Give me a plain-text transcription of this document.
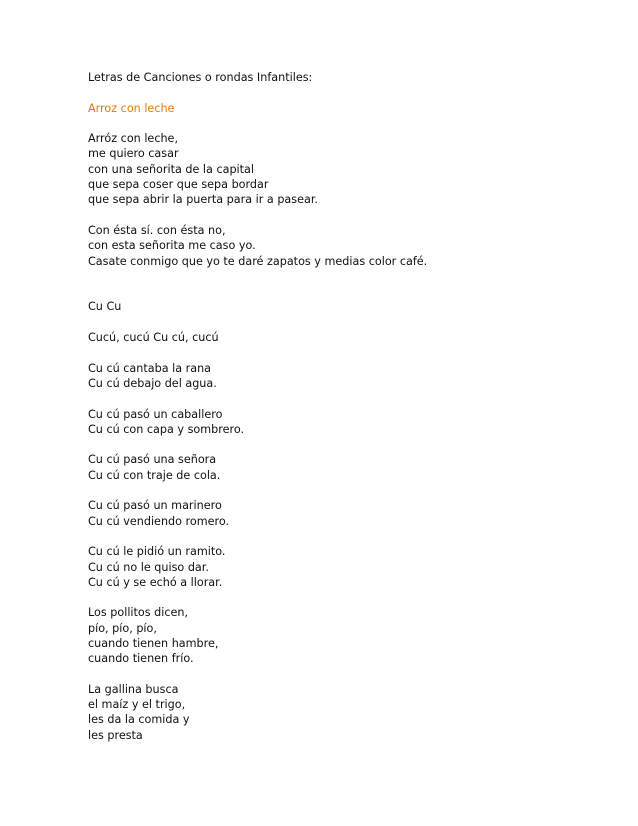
Letras de Canciones o rondas Infantiles:
Arroz con leche
Arróz con leche,
me quiero casar
con una señorita de la capital
que sepa coser que sepa bordar
que sepa abrir la puerta para ir a pasear.
Con ésta sí. con ésta no,
con esta señorita me caso yo.
Casate conmigo que yo te daré zapatos y medias color café.
Cu Cu
Cucú, cucú Cu cú, cucú
Cu cú cantaba la rana
Cu cú debajo del agua.
Cu cú pasó un caballero
Cu cú con capa y sombrero.
Cu cú pasó una señora
Cu cú con traje de cola.
Cu cú pasó un marinero
Cu cú vendiendo romero.
Cu cú le pidió un ramito.
Cu cú no le quiso dar.
Cu cú y se echó a llorar.
Los pollitos dicen,
pío, pío, pío,
cuando tienen hambre,
cuando tienen frío.
La gallina busca
el maíz y el trigo,
les da la comida y
les presta
